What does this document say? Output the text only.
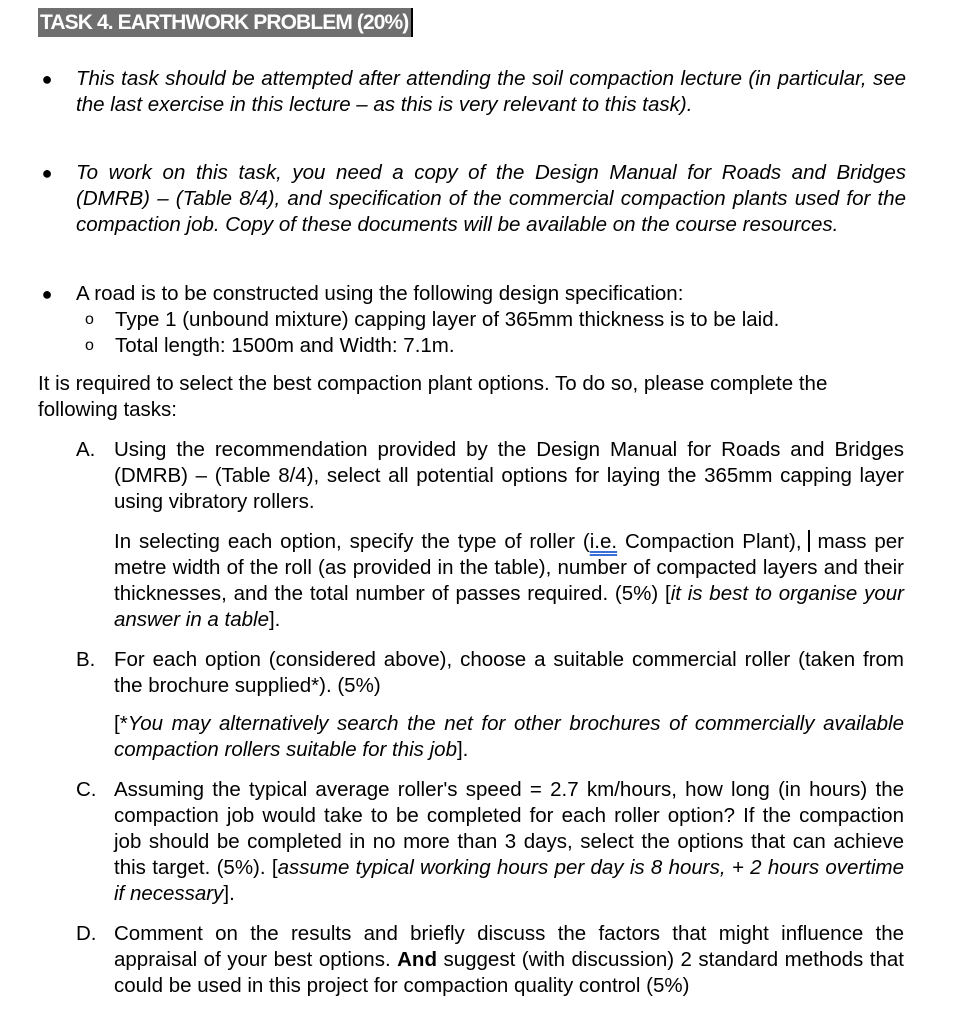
TASK 4. EARTHWORK PROBLEM (20%)
● This task should be attempted after attending the soil compaction lecture (in particular, see the last exercise in this lecture – as this is very relevant to this task).
● To work on this task, you need a copy of the Design Manual for Roads and Bridges (DMRB) – (Table 8/4), and specification of the commercial compaction plants used for the compaction job. Copy of these documents will be available on the course resources.
● A road is to be constructed using the following design specification:
o Type 1 (unbound mixture) capping layer of 365mm thickness is to be laid.
o Total length: 1500m and Width: 7.1m.
It is required to select the best compaction plant options. To do so, please complete the following tasks:
A. Using the recommendation provided by the Design Manual for Roads and Bridges (DMRB) – (Table 8/4), select all potential options for laying the 365mm capping layer using vibratory rollers.
In selecting each option, specify the type of roller (i.e. Compaction Plant), mass per metre width of the roll (as provided in the table), number of compacted layers and their thicknesses, and the total number of passes required. (5%) [it is best to organise your answer in a table].
B. For each option (considered above), choose a suitable commercial roller (taken from the brochure supplied*). (5%)
[*You may alternatively search the net for other brochures of commercially available compaction rollers suitable for this job].
C. Assuming the typical average roller's speed = 2.7 km/hours, how long (in hours) the compaction job would take to be completed for each roller option? If the compaction job should be completed in no more than 3 days, select the options that can achieve this target. (5%). [assume typical working hours per day is 8 hours, + 2 hours overtime if necessary].
D. Comment on the results and briefly discuss the factors that might influence the appraisal of your best options. And suggest (with discussion) 2 standard methods that could be used in this project for compaction quality control (5%)
